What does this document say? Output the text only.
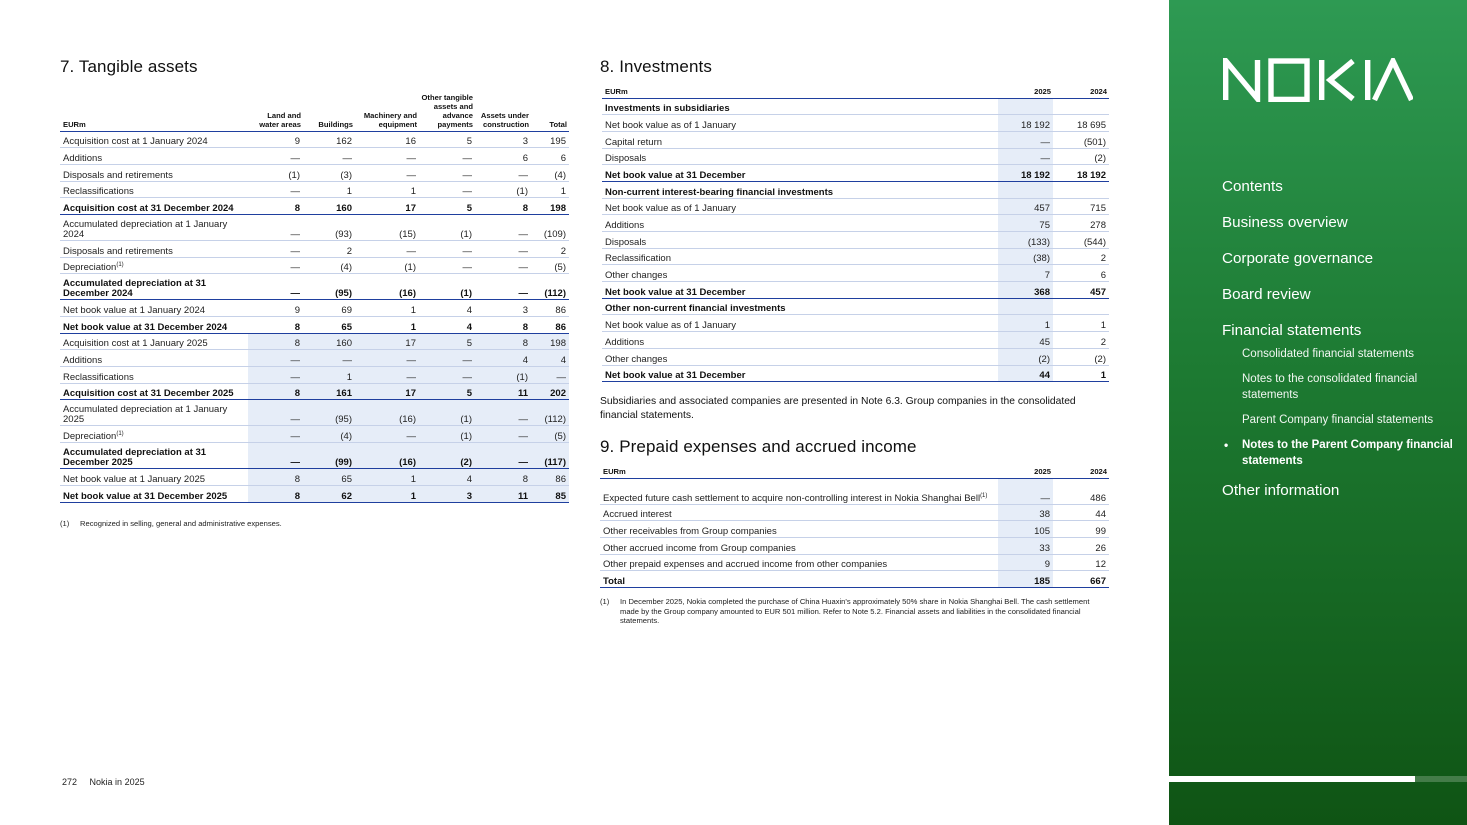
7. Tangible assets
EURm	Land and water areas	Buildings	Machinery and equipment	Other tangible assets and advance payments	Assets under construction	Total
Acquisition cost at 1 January 2024	9	162	16	5	3	195
Additions	—	—	—	—	6	6
Disposals and retirements	(1)	(3)	—	—	—	(4)
Reclassifications	—	1	1	—	(1)	1
Acquisition cost at 31 December 2024	8	160	17	5	8	198
Accumulated depreciation at 1 January 2024	—	(93)	(15)	(1)	—	(109)
Disposals and retirements	—	2	—	—	—	2
Depreciation$^{(1)}$	—	(4)	(1)	—	—	(5)
Accumulated depreciation at 31 December 2024	—	(95)	(16)	(1)	—	(112)
Net book value at 1 January 2024	9	69	1	4	3	86
Net book value at 31 December 2024	8	65	1	4	8	86
Acquisition cost at 1 January 2025	8	160	17	5	8	198
Additions	—	—	—	—	4	4
Reclassifications	—	1	—	—	(1)	—
Acquisition cost at 31 December 2025	8	161	17	5	11	202
Accumulated depreciation at 1 January 2025	—	(95)	(16)	(1)	—	(112)
Depreciation$^{(1)}$	—	(4)	—	(1)	—	(5)
Accumulated depreciation at 31 December 2025	—	(99)	(16)	(2)	—	(117)
Net book value at 1 January 2025	8	65	1	4	8	86
Net book value at 31 December 2025	8	62	1	3	11	85
(1)	Recognized in selling, general and administrative expenses.
8. Investments
EURm	2025	2024
Investments in subsidiaries		
Net book value as of 1 January	18 192	18 695
Capital return	—	(501)
Disposals	—	(2)
Net book value at 31 December	18 192	18 192
Non-current interest-bearing financial investments		
Net book value as of 1 January	457	715
Additions	75	278
Disposals	(133)	(544)
Reclassification	(38)	2
Other changes	7	6
Net book value at 31 December	368	457
Other non-current financial investments		
Net book value as of 1 January	1	1
Additions	45	2
Other changes	(2)	(2)
Net book value at 31 December	44	1
Subsidiaries and associated companies are presented in Note 6.3. Group companies in the consolidated financial statements.
9. Prepaid expenses and accrued income
EURm	2025	2024
Expected future cash settlement to acquire non-controlling interest in Nokia Shanghai Bell$^{(1)}$	—	486
Accrued interest	38	44
Other receivables from Group companies	105	99
Other accrued income from Group companies	33	26
Other prepaid expenses and accrued income from other companies	9	12
Total	185	667
(1)	In December 2025, Nokia completed the purchase of China Huaxin's approximately 50% share in Nokia Shanghai Bell. The cash settlement made by the Group company amounted to EUR 501 million. Refer to Note 5.2. Financial assets and liabilities in the consolidated financial statements.
272 Nokia in 2025
Contents
Business overview
Corporate governance
Board review
Financial statements
Consolidated financial statements
Notes to the consolidated financial statements
Parent Company financial statements
• Notes to the Parent Company financial statements
Other information
